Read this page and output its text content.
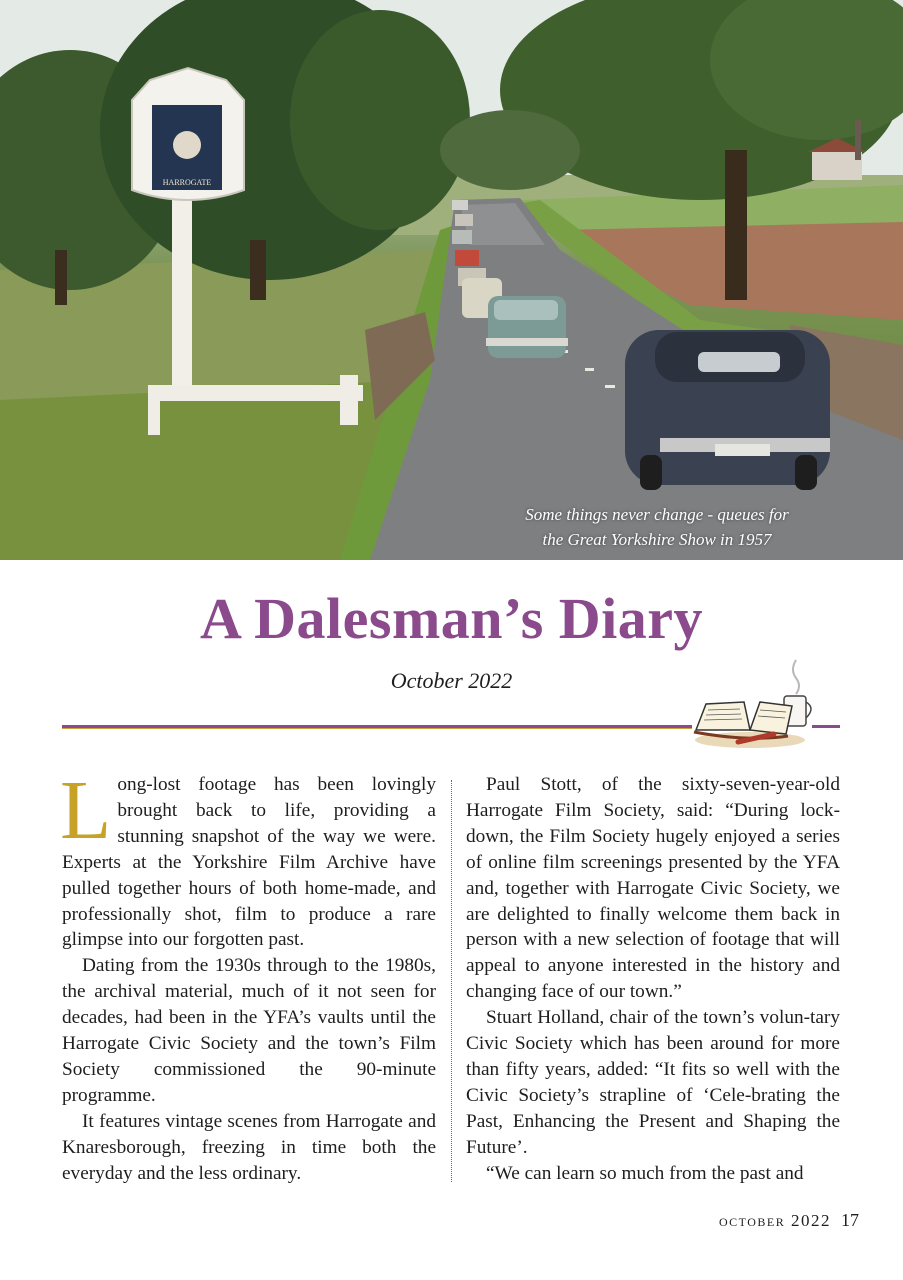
HARROGATE
Some things never change - queues for
the Great Yorkshire Show in 1957
A Dalesman’s Diary
October 2022

Long-lost footage has been lovingly brought back to life, providing a stunning snapshot of the way we were. Experts at the Yorkshire Film Archive have pulled together hours of both home-made, and professionally shot, film to produce a rare glimpse into our forgotten past.

Dating from the 1930s through to the 1980s, the archival material, much of it not seen for decades, had been in the YFA’s vaults until the Harrogate Civic Society and the town’s Film Society commissioned the 90-minute programme.

It features vintage scenes from Harrogate and Knaresborough, freezing in time both the everyday and the less ordinary.

Paul Stott, of the sixty-seven-year-old Harrogate Film Society, said: “During lock-down, the Film Society hugely enjoyed a series of online film screenings presented by the YFA and, together with Harrogate Civic Society, we are delighted to finally welcome them back in person with a new selection of footage that will appeal to anyone interested in the history and changing face of our town.”

Stuart Holland, chair of the town’s volun-tary Civic Society which has been around for more than fifty years, added: “It fits so well with the Civic Society’s strapline of ‘Cele-brating the Past, Enhancing the Present and Shaping the Future’.

“We can learn so much from the past and

october 2022 17
